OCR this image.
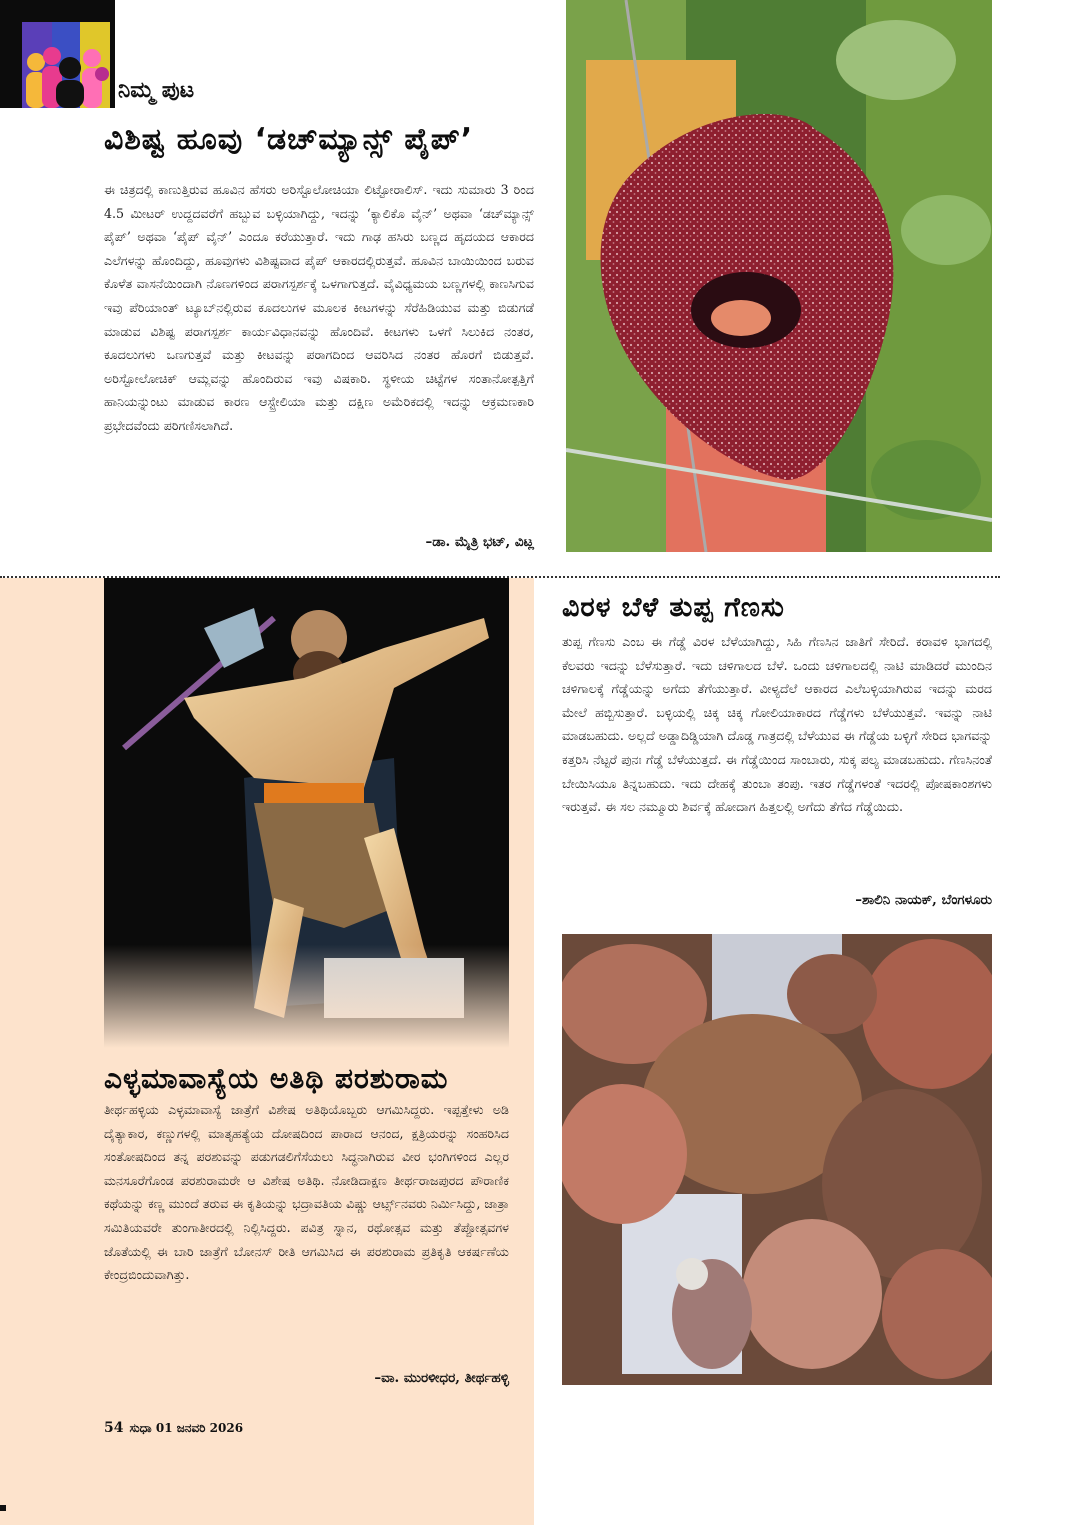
ನಿಮ್ಮ ಪುಟ
ವಿಶಿಷ್ಟ ಹೂವು ‘ಡಚ್‌ಮ್ಯಾನ್ಸ್ ಪೈಪ್’
ಈ ಚಿತ್ರದಲ್ಲಿ ಕಾಣುತ್ತಿರುವ ಹೂವಿನ ಹೆಸರು ಅರಿಸ್ಟೊಲೋಚಿಯಾ ಲಿಟ್ಟೋರಾಲಿಸ್. ಇದು ಸುಮಾರು 3 ರಿಂದ 4.5 ಮೀಟರ್ ಉದ್ದದವರೆಗೆ ಹಬ್ಬುವ ಬಳ್ಳಿಯಾಗಿದ್ದು, ಇದನ್ನು ‘ಕ್ಯಾಲಿಕೊ ವೈನ್’ ಅಥವಾ ‘ಡಚ್‌ಮ್ಯಾನ್ಸ್ ಪೈಪ್’ ಅಥವಾ ‘ಪೈಪ್ ವೈನ್’ ಎಂದೂ ಕರೆಯುತ್ತಾರೆ. ಇದು ಗಾಢ ಹಸಿರು ಬಣ್ಣದ ಹೃದಯದ ಆಕಾರದ ಎಲೆಗಳನ್ನು ಹೊಂದಿದ್ದು, ಹೂವುಗಳು ವಿಶಿಷ್ಟವಾದ ಪೈಪ್ ಆಕಾರದಲ್ಲಿರುತ್ತವೆ. ಹೂವಿನ ಬಾಯಿಯಿಂದ ಬರುವ ಕೊಳೆತ ವಾಸನೆಯಿಂದಾಗಿ ನೊಣಗಳಿಂದ ಪರಾಗಸ್ಪರ್ಶಕ್ಕೆ ಒಳಗಾಗುತ್ತದೆ. ವೈವಿಧ್ಯಮಯ ಬಣ್ಣಗಳಲ್ಲಿ ಕಾಣಸಿಗುವ ಇವು ಪೆರಿಯಾಂತ್ ಟ್ಯೂಬ್‌ನಲ್ಲಿರುವ ಕೂದಲುಗಳ ಮೂಲಕ ಕೀಟಗಳನ್ನು ಸೆರೆಹಿಡಿಯುವ ಮತ್ತು ಬಿಡುಗಡೆ ಮಾಡುವ ವಿಶಿಷ್ಟ ಪರಾಗಸ್ಪರ್ಶ ಕಾರ್ಯವಿಧಾನವನ್ನು ಹೊಂದಿವೆ. ಕೀಟಗಳು ಒಳಗೆ ಸಿಲುಕಿದ ನಂತರ, ಕೂದಲುಗಳು ಒಣಗುತ್ತವೆ ಮತ್ತು ಕೀಟವನ್ನು ಪರಾಗದಿಂದ ಆವರಿಸಿದ ನಂತರ ಹೊರಗೆ ಬಿಡುತ್ತವೆ. ಅರಿಸ್ಟೋಲೋಚಿಕ್ ಆಮ್ಲವನ್ನು ಹೊಂದಿರುವ ಇವು ವಿಷಕಾರಿ. ಸ್ಥಳೀಯ ಚಿಟ್ಟೆಗಳ ಸಂತಾನೋತ್ಪತ್ತಿಗೆ ಹಾನಿಯನ್ನುಂಟು ಮಾಡುವ ಕಾರಣ ಆಸ್ಟ್ರೇಲಿಯಾ ಮತ್ತು ದಕ್ಷಿಣ ಅಮೆರಿಕದಲ್ಲಿ ಇದನ್ನು ಆಕ್ರಮಣಕಾರಿ ಪ್ರಭೇದವೆಂದು ಪರಿಗಣಿಸಲಾಗಿದೆ.
–ಡಾ. ಮೈತ್ರಿ ಭಟ್, ವಿಟ್ಲ
ಎಳ್ಳಮಾವಾಸ್ಯೆಯ ಅತಿಥಿ ಪರಶುರಾಮ
ತೀರ್ಥಹಳ್ಳಿಯ ಎಳ್ಳಮಾವಾಸ್ಯೆ ಜಾತ್ರೆಗೆ ವಿಶೇಷ ಅತಿಥಿಯೊಬ್ಬರು ಆಗಮಿಸಿದ್ದರು. ಇಪ್ಪತ್ತೇಳು ಅಡಿ ದೈತ್ಯಾಕಾರ, ಕಣ್ಣುಗಳಲ್ಲಿ ಮಾತೃಹತ್ಯೆಯ ದೋಷದಿಂದ ಪಾರಾದ ಆನಂದ, ಕ್ಷತ್ರಿಯರನ್ನು ಸಂಹರಿಸಿದ ಸಂತೋಷದಿಂದ ತನ್ನ ಪರಶುವನ್ನು ಪಡುಗಡಲಿಗೆಸೆಯಲು ಸಿದ್ಧನಾಗಿರುವ ವೀರ ಭಂಗಿಗಳಿಂದ ಎಲ್ಲರ ಮನಸೂರೆಗೊಂಡ ಪರಶುರಾಮರೇ ಆ ವಿಶೇಷ ಅತಿಥಿ. ನೋಡಿದಾಕ್ಷಣ ತೀರ್ಥರಾಜಪುರದ ಪೌರಾಣಿಕ ಕಥೆಯನ್ನು ಕಣ್ಣ ಮುಂದೆ ತರುವ ಈ ಕೃತಿಯನ್ನು ಭದ್ರಾವತಿಯ ವಿಷ್ಣು ಆರ್ಟ್ಸ್‌ನವರು ನಿರ್ಮಿಸಿದ್ದು, ಜಾತ್ರಾ ಸಮಿತಿಯವರೇ ತುಂಗಾತೀರದಲ್ಲಿ ನಿಲ್ಲಿಸಿದ್ದರು. ಪವಿತ್ರ ಸ್ನಾನ, ರಥೋತ್ಸವ ಮತ್ತು ತೆಪ್ಪೋತ್ಸವಗಳ ಜೊತೆಯಲ್ಲಿ ಈ ಬಾರಿ ಜಾತ್ರೆಗೆ ಬೋನಸ್ ರೀತಿ ಆಗಮಿಸಿದ ಈ ಪರಶುರಾಮ ಪ್ರತಿಕೃತಿ ಆಕರ್ಷಣೆಯ ಕೇಂದ್ರಬಿಂದುವಾಗಿತ್ತು.
–ವಾ. ಮುರಳೀಧರ, ತೀರ್ಥಹಳ್ಳಿ
ವಿರಳ ಬೆಳೆ ತುಪ್ಪ ಗೆಣಸು
ತುಪ್ಪ ಗೆಣಸು ಎಂಬ ಈ ಗೆಡ್ಡೆ ವಿರಳ ಬೆಳೆಯಾಗಿದ್ದು, ಸಿಹಿ ಗೆಣಸಿನ ಜಾತಿಗೆ ಸೇರಿದೆ. ಕರಾವಳಿ ಭಾಗದಲ್ಲಿ ಕೆಲವರು ಇದನ್ನು ಬೆಳೆಸುತ್ತಾರೆ. ಇದು ಚಳಿಗಾಲದ ಬೆಳೆ. ಒಂದು ಚಳಿಗಾಲದಲ್ಲಿ ನಾಟಿ ಮಾಡಿದರೆ ಮುಂದಿನ ಚಳಿಗಾಲಕ್ಕೆ ಗೆಡ್ಡೆಯನ್ನು ಅಗೆದು ತೆಗೆಯುತ್ತಾರೆ. ವೀಳ್ಯದೆಲೆ ಆಕಾರದ ಎಲೆಬಳ್ಳಿಯಾಗಿರುವ ಇದನ್ನು ಮರದ ಮೇಲೆ ಹಬ್ಬಿಸುತ್ತಾರೆ. ಬಳ್ಳಿಯಲ್ಲಿ ಚಿಕ್ಕ ಚಿಕ್ಕ ಗೋಲಿಯಾಕಾರದ ಗೆಡ್ಡೆಗಳು ಬೆಳೆಯುತ್ತವೆ. ಇವನ್ನು ನಾಟಿ ಮಾಡಬಹುದು. ಅಲ್ಲದೆ ಅಡ್ಡಾದಿಡ್ಡಿಯಾಗಿ ದೊಡ್ಡ ಗಾತ್ರದಲ್ಲಿ ಬೆಳೆಯುವ ಈ ಗೆಡ್ಡೆಯ ಬಳ್ಳಿಗೆ ಸೇರಿದ ಭಾಗವನ್ನು ಕತ್ತರಿಸಿ ನೆಟ್ಟರೆ ಪುನಃ ಗೆಡ್ಡೆ ಬೆಳೆಯುತ್ತದೆ. ಈ ಗೆಡ್ಡೆಯಿಂದ ಸಾಂಬಾರು, ಸುಕ್ಕ ಪಲ್ಯ ಮಾಡಬಹುದು. ಗೆಣಸಿನಂತೆ ಬೇಯಿಸಿಯೂ ತಿನ್ನಬಹುದು. ಇದು ದೇಹಕ್ಕೆ ತುಂಬಾ ತಂಪು. ಇತರ ಗೆಡ್ಡೆಗಳಂತೆ ಇದರಲ್ಲಿ ಪೋಷಕಾಂಶಗಳು ಇರುತ್ತವೆ. ಈ ಸಲ ನಮ್ಮೂರು ಶಿರ್ವಕ್ಕೆ ಹೋದಾಗ ಹಿತ್ತಲಲ್ಲಿ ಅಗೆದು ತೆಗೆದ ಗೆಡ್ಡೆಯಿದು.
–ಶಾಲಿನಿ ನಾಯಕ್, ಬೆಂಗಳೂರು
54 ಸುಧಾ 01 ಜನವರಿ 2026
